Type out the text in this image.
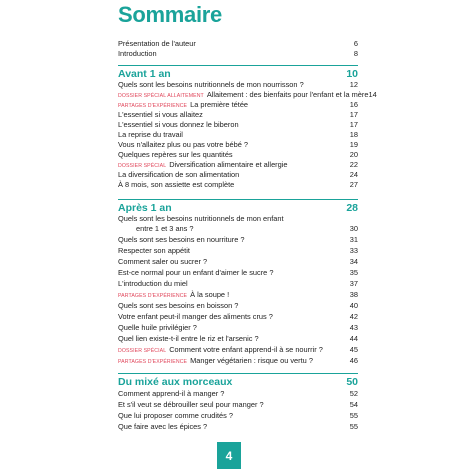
Sommaire
Présentation de l'auteur	6
Introduction	8
Avant 1 an	10
Quels sont les besoins nutritionnels de mon nourrisson ?	12
DOSSIER SPÉCIAL ALLAITEMENT Allaitement : des bienfaits pour l'enfant et la mère 14
PARTAGES D'EXPÉRIENCE La première tétée	16
L'essentiel si vous allaitez	17
L'essentiel si vous donnez le biberon	17
La reprise du travail	18
Vous n'allaitez plus ou pas votre bébé ?	19
Quelques repères sur les quantités	20
DOSSIER SPÉCIAL Diversification alimentaire et allergie	22
La diversification de son alimentation	24
À 8 mois, son assiette est complète	27
Après 1 an	28
Quels sont les besoins nutritionnels de mon enfant
entre 1 et 3 ans ?	30
Quels sont ses besoins en nourriture ?	31
Respecter son appétit	33
Comment saler ou sucrer ?	34
Est-ce normal pour un enfant d'aimer le sucre ?	35
L'introduction du miel	37
PARTAGES D'EXPÉRIENCE À la soupe !	38
Quels sont ses besoins en boisson ?	40
Votre enfant peut-il manger des aliments crus ?	42
Quelle huile privilégier ?	43
Quel lien existe-t-il entre le riz et l'arsenic ?	44
DOSSIER SPÉCIAL Comment votre enfant apprend-il à se nourrir ?	45
PARTAGES D'EXPÉRIENCE Manger végétarien : risque ou vertu ?	46
Du mixé aux morceaux	50
Comment apprend-il à manger ?	52
Et s'il veut se débrouiller seul pour manger ?	54
Que lui proposer comme crudités ?	55
Que faire avec les épices ?	55
4
